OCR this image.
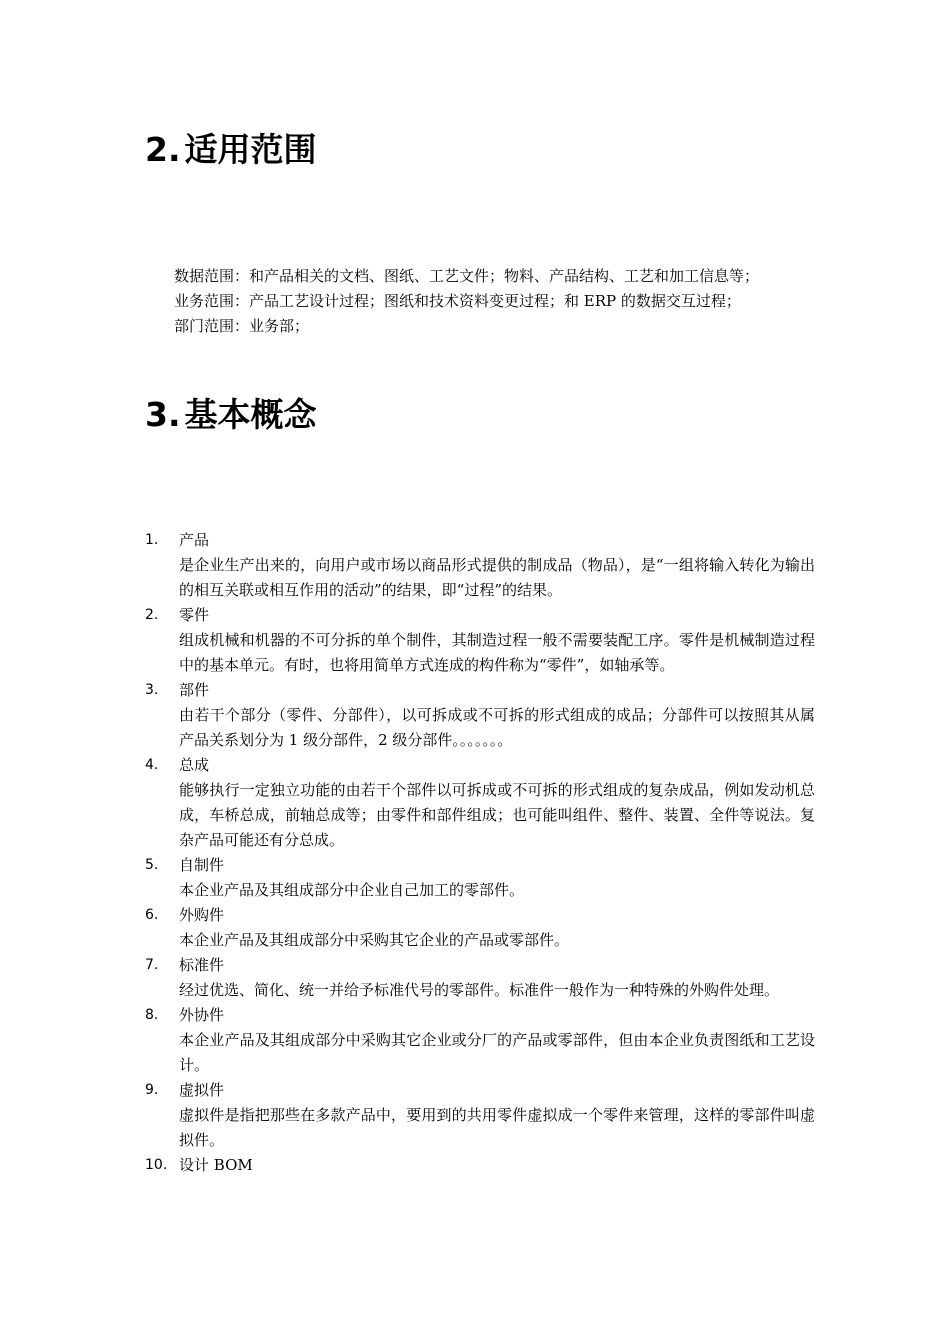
2. 适用范围

数据范围：和产品相关的文档、图纸、工艺文件；物料、产品结构、工艺和加工信息等；

业务范围：产品工艺设计过程；图纸和技术资料变更过程；和 ERP 的数据交互过程；

部门范围：业务部；

3. 基本概念
1. 产品
是企业生产出来的，向用户或市场以商品形式提供的制成品（物品），是“一组将输入转化为输出的相互关联或相互作用的活动”的结果，即“过程”的结果。
2. 零件
组成机械和机器的不可分拆的单个制件，其制造过程一般不需要装配工序。零件是机械制造过程中的基本单元。有时，也将用简单方式连成的构件称为“零件”，如轴承等。
3. 部件
由若干个部分（零件、分部件），以可拆成或不可拆的形式组成的成品；分部件可以按照其从属产品关系划分为 1 级分部件，2 级分部件。。。。。。。
4. 总成
能够执行一定独立功能的由若干个部件以可拆成或不可拆的形式组成的复杂成品，例如发动机总成，车桥总成，前轴总成等；由零件和部件组成；也可能叫组件、整件、装置、全件等说法。复杂产品可能还有分总成。
5. 自制件
本企业产品及其组成部分中企业自己加工的零部件。
6. 外购件
本企业产品及其组成部分中采购其它企业的产品或零部件。
7. 标准件
经过优选、简化、统一并给予标准代号的零部件。标准件一般作为一种特殊的外购件处理。
8. 外协件
本企业产品及其组成部分中采购其它企业或分厂的产品或零部件，但由本企业负责图纸和工艺设计。
9. 虚拟件
虚拟件是指把那些在多款产品中，要用到的共用零件虚拟成一个零件来管理，这样的零部件叫虚拟件。
10. 设计 BOM
